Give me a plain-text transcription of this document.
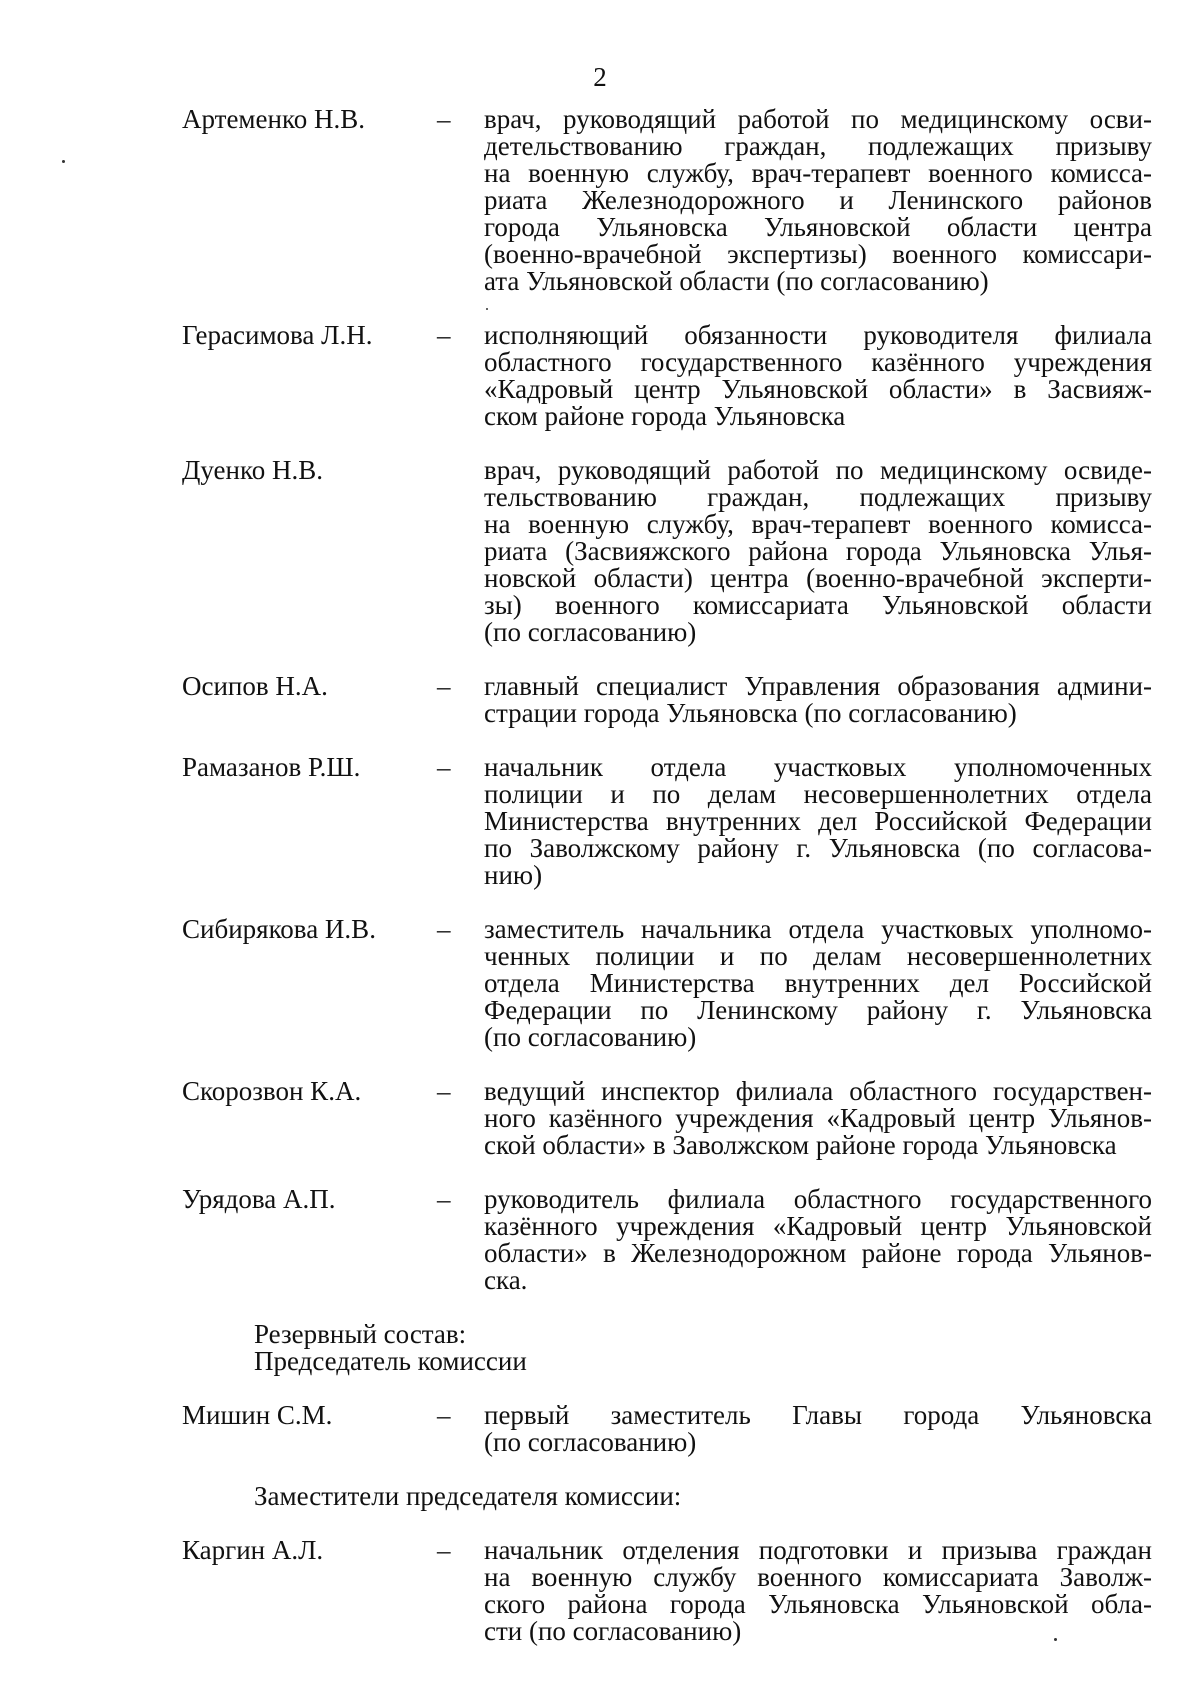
2
Артеменко Н.В.	–	врач, руководящий работой по медицинскому осви-
детельствованию граждан, подлежащих призыву
на военную службу, врач-терапевт военного комисса-
риата Железнодорожного и Ленинского районов
города Ульяновска Ульяновской области центра
(военно-врачебной экспертизы) военного комиссари-
ата Ульяновской области (по согласованию)
Герасимова Л.Н.	–	исполняющий обязанности руководителя филиала
областного государственного казённого учреждения
«Кадровый центр Ульяновской области» в Засвияж-
ском районе города Ульяновска
Дуенко Н.В.	врач, руководящий работой по медицинскому освиде-
тельствованию граждан, подлежащих призыву
на военную службу, врач-терапевт военного комисса-
риата (Засвияжского района города Ульяновска Улья-
новской области) центра (военно-врачебной эксперти-
зы) военного комиссариата Ульяновской области
(по согласованию)
Осипов Н.А.	–	главный специалист Управления образования админи-
страции города Ульяновска (по согласованию)
Рамазанов Р.Ш.	–	начальник отдела участковых уполномоченных
полиции и по делам несовершеннолетних отдела
Министерства внутренних дел Российской Федерации
по Заволжскому району г. Ульяновска (по согласова-
нию)
Сибирякова И.В.	–	заместитель начальника отдела участковых уполномо-
ченных полиции и по делам несовершеннолетних
отдела Министерства внутренних дел Российской
Федерации по Ленинскому району г. Ульяновска
(по согласованию)
Скорозвон К.А.	–	ведущий инспектор филиала областного государствен-
ного казённого учреждения «Кадровый центр Ульянов-
ской области» в Заволжском районе города Ульяновска
Урядова А.П.	–	руководитель филиала областного государственного
казённого учреждения «Кадровый центр Ульяновской
области» в Железнодорожном районе города Ульянов-
ска.
Резервный состав:
Председатель комиссии
Мишин С.М.	–	первый заместитель Главы города Ульяновска
(по согласованию)
Заместители председателя комиссии:
Каргин А.Л.	–	начальник отделения подготовки и призыва граждан
на военную службу военного комиссариата Заволж-
ского района города Ульяновска Ульяновской обла-
сти (по согласованию)
